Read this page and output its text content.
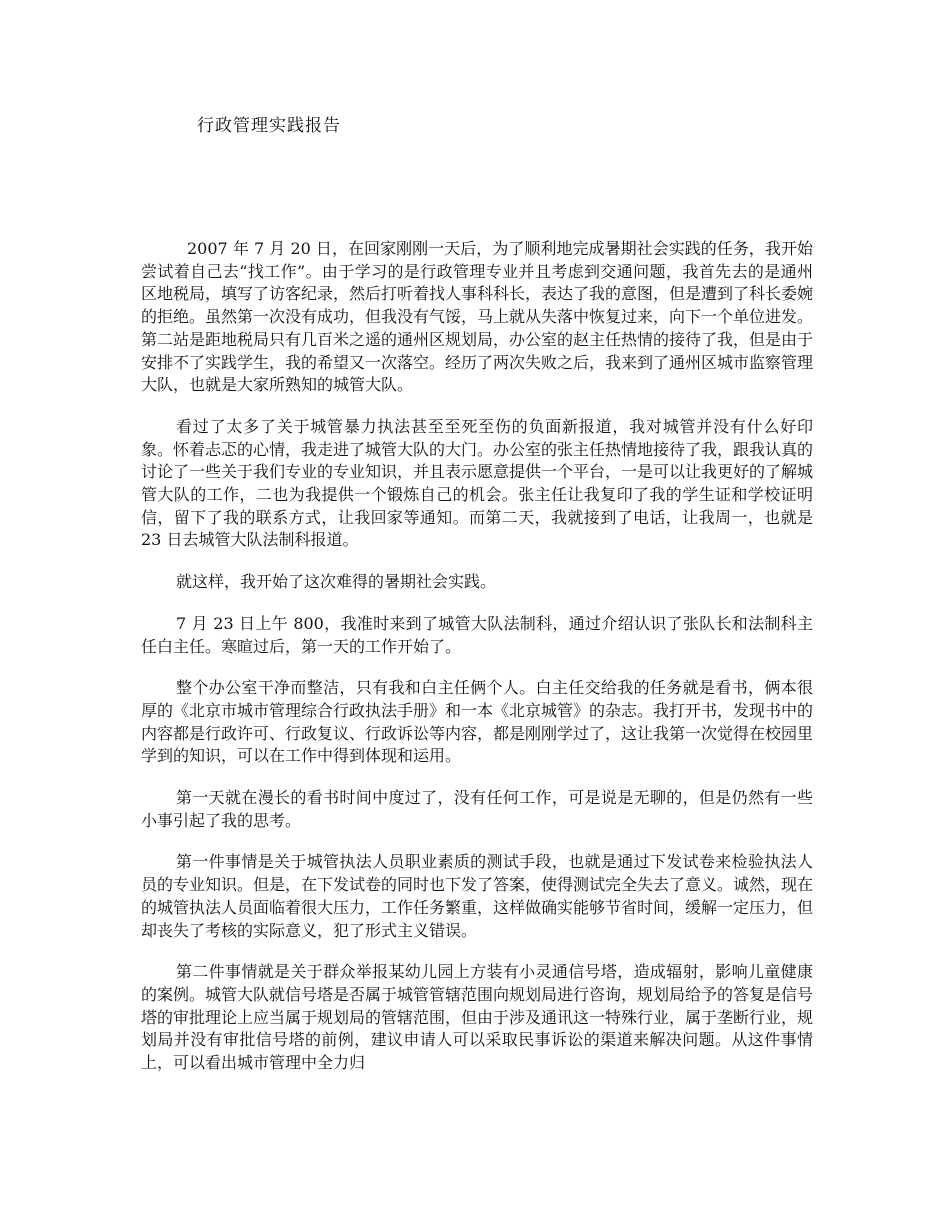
行政管理实践报告

2007 年 7 月 20 日，在回家刚刚一天后，为了顺利地完成暑期社会实践的任务，我开始尝试着自己去“找工作”。由于学习的是行政管理专业并且考虑到交通问题，我首先去的是通州区地税局，填写了访客纪录，然后打听着找人事科科长，表达了我的意图，但是遭到了科长委婉的拒绝。虽然第一次没有成功，但我没有气馁，马上就从失落中恢复过来，向下一个单位进发。第二站是距地税局只有几百米之遥的通州区规划局，办公室的赵主任热情的接待了我，但是由于安排不了实践学生，我的希望又一次落空。经历了两次失败之后，我来到了通州区城市监察管理大队，也就是大家所熟知的城管大队。

看过了太多了关于城管暴力执法甚至至死至伤的负面新报道，我对城管并没有什么好印象。怀着忐忑的心情，我走进了城管大队的大门。办公室的张主任热情地接待了我，跟我认真的讨论了一些关于我们专业的专业知识，并且表示愿意提供一个平台，一是可以让我更好的了解城管大队的工作，二也为我提供一个锻炼自己的机会。张主任让我复印了我的学生证和学校证明信，留下了我的联系方式，让我回家等通知。而第二天，我就接到了电话，让我周一，也就是 23 日去城管大队法制科报道。

就这样，我开始了这次难得的暑期社会实践。

7 月 23 日上午 800，我准时来到了城管大队法制科，通过介绍认识了张队长和法制科主任白主任。寒暄过后，第一天的工作开始了。

整个办公室干净而整洁，只有我和白主任俩个人。白主任交给我的任务就是看书，俩本很厚的《北京市城市管理综合行政执法手册》和一本《北京城管》的杂志。我打开书，发现书中的内容都是行政许可、行政复议、行政诉讼等内容，都是刚刚学过了，这让我第一次觉得在校园里学到的知识，可以在工作中得到体现和运用。

第一天就在漫长的看书时间中度过了，没有任何工作，可是说是无聊的，但是仍然有一些小事引起了我的思考。

第一件事情是关于城管执法人员职业素质的测试手段，也就是通过下发试卷来检验执法人员的专业知识。但是，在下发试卷的同时也下发了答案，使得测试完全失去了意义。诚然，现在的城管执法人员面临着很大压力，工作任务繁重，这样做确实能够节省时间，缓解一定压力，但却丧失了考核的实际意义，犯了形式主义错误。

第二件事情就是关于群众举报某幼儿园上方装有小灵通信号塔，造成辐射，影响儿童健康的案例。城管大队就信号塔是否属于城管管辖范围向规划局进行咨询，规划局给予的答复是信号塔的审批理论上应当属于规划局的管辖范围，但由于涉及通讯这一特殊行业，属于垄断行业，规划局并没有审批信号塔的前例，建议申请人可以采取民事诉讼的渠道来解决问题。从这件事情上，可以看出城市管理中全力归
